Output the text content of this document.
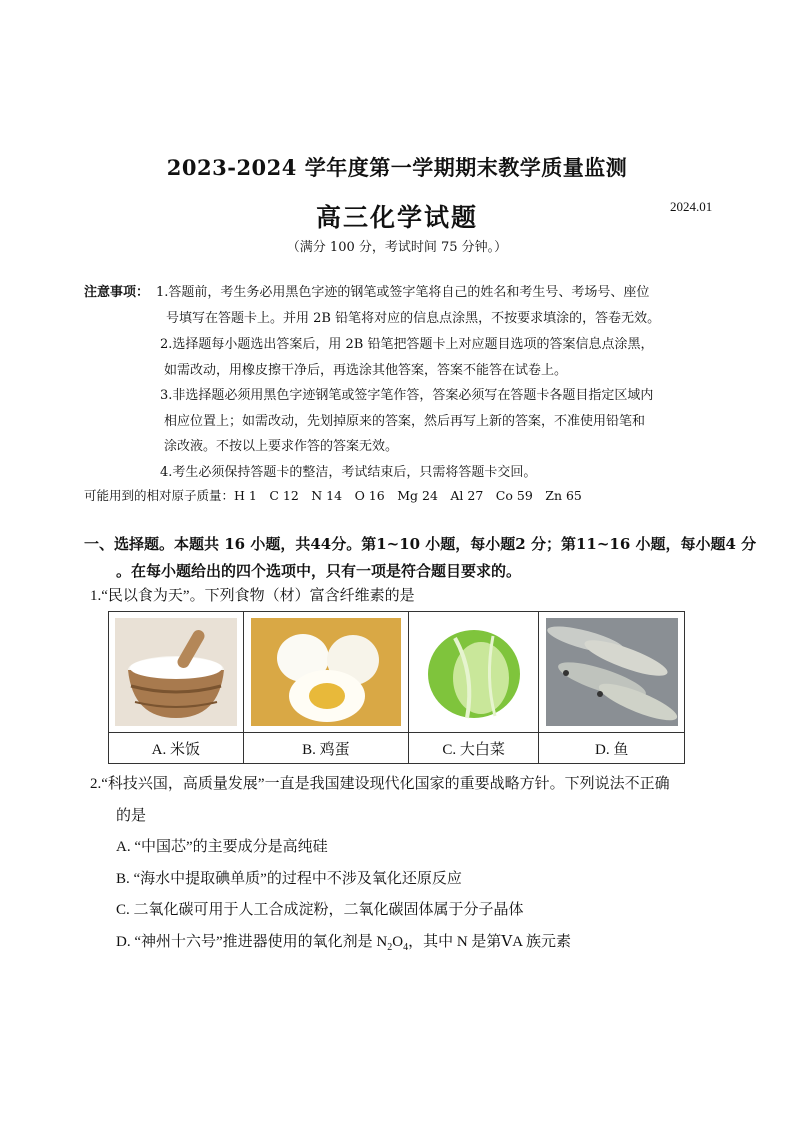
2023-2024 学年度第一学期期末教学质量监测
高三化学试题	2024.01
（满分 100 分，考试时间 75 分钟。）
注意事项： 1.答题前，考生务必用黑色字迹的钢笔或签字笔将自己的姓名和考生号、考场号、座位
号填写在答题卡上。并用 2B 铅笔将对应的信息点涂黑，不按要求填涂的，答卷无效。
2.选择题每小题选出答案后，用 2B 铅笔把答题卡上对应题目选项的答案信息点涂黑，
如需改动，用橡皮擦干净后，再选涂其他答案，答案不能答在试卷上。
3.非选择题必须用黑色字迹钢笔或签字笔作答，答案必须写在答题卡各题目指定区域内
相应位置上；如需改动，先划掉原来的答案，然后再写上新的答案，不准使用铅笔和
涂改液。不按以上要求作答的答案无效。
4.考生必须保持答题卡的整洁，考试结束后，只需将答题卡交回。
可能用到的相对原子质量：H 1　C 12　N 14　O 16　Mg 24　Al 27　Co 59　Zn 65
一、选择题。本题共 16 小题，共44分。第1~10 小题，每小题2 分；第11~16 小题，每小题4 分
。在每小题给出的四个选项中，只有一项是符合题目要求的。
1.“民以食为天”。下列食物（材）富含纤维素的是

A. 米饭	B. 鸡蛋	C. 大白菜	D. 鱼
2.“科技兴国，高质量发展”一直是我国建设现代化国家的重要战略方针。下列说法不正确
的是
A. “中国芯”的主要成分是高纯硅
B. “海水中提取碘单质”的过程中不涉及氧化还原反应
C. 二氧化碳可用于人工合成淀粉，二氧化碳固体属于分子晶体
D. “神州十六号”推进器使用的氧化剂是 $N_2O_4$，其中 N 是第ⅤA 族元素
